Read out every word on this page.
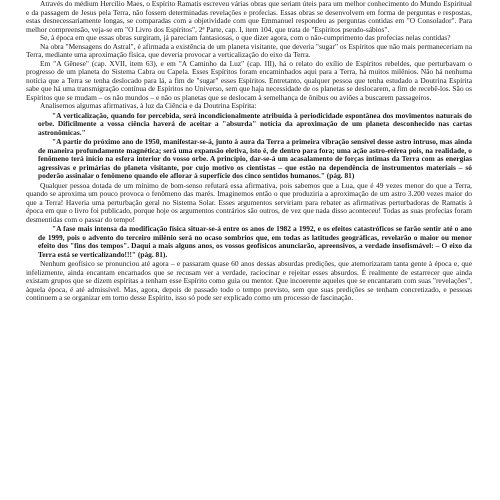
Através do médium Hercílio Maes, o Espírito Ramatís escreveu várias obras que seriam úteis para um melhor conhecimento do Mundo Espiritual e da passagem de Jesus pela Terra, não fossem determinadas revelações e profecias. Essas obras se desenvolvem em forma de perguntas e respostas, estas desnecessariamente longas, se comparadas com a objetividade com que Emmanuel respondeu as perguntas contidas em "O Consolador". Para melhor compreensão, veja-se em "O Livro dos Espíritos", 2ª Parte, cap. I, item 104, que trata de "Espíritos pseudo-sábios".

Se, à época em que essas obras surgiram, já pareciam fantasiosas, o que dizer agora, com o não-cumprimento das profecias nelas contidas?

Na obra "Mensagens do Astral", é afirmada a existência de um planeta visitante, que deveria "sugar" os Espíritos que não mais permaneceriam na Terra, mediante uma aproximação física, que deveria provocar a verticalização do eixo da Terra.

Em "A Gênese" (cap. XVII, item 63), e em "A Caminho da Luz" (cap. III), há o relato do exílio de Espíritos rebeldes, que perturbavam o progresso de um planeta do Sistema Cabra ou Capela. Esses Espíritos foram encaminhados aqui para a Terra, há muitos milênios. Não há nenhuma notícia que a Terra se tenha deslocado para lá, a fim de "sugar" esses Espíritos. Entretanto, qualquer pessoa que tenha estudado a Doutrina Espírita sabe que há uma transmigração contínua de Espíritos no Universo, sem que haja necessidade de os planetas se deslocarem, a fim de recebê-los. São os Espíritos que se mudam – os não mundos – e não os planetas que se deslocam à semelhança de ônibus ou aviões a buscarem passageiros.

Analisemos algumas afirmativas, à luz da Ciência e da Doutrina Espírita:

"A verticalização, quando for percebida, será incondicionalmente atribuída à periodicidade espontânea dos movimentos naturais do orbe. Dificilmente a vossa ciência haverá de aceitar a "absurda" notícia da aproximação de um planeta desconhecido nas cartas astronômicas."

"A partir do próximo ano de 1950, manifestar-se-á, junto à aura da Terra a primeira vibração sensível desse astro intruso, mas ainda de maneira profundamente magnética; será uma expansão eletiva, isto é, de dentro para fora; uma ação astro-etérea pois, na realidade, o fenômeno terá início na esfera interior do vosso orbe. A princípio, dar-se-á um acasalamento de forças íntimas da Terra com as energias agressivas e primárias do planeta visitante, por cujo motivo os cientistas – que estão na dependência de instrumentos materiais – só poderão assinalar o fenômeno quando ele aflorar à superfície dos cinco sentidos humanos." (pág. 81)

Qualquer pessoa dotada de um mínimo de bom-senso refutará essa afirmativa, pois sabemos que a Lua, que é 49 vezes menor do que a Terra, quando se aproxima um pouco provoca o fenômeno das marés. Imaginemos então o que produziria a aproximação de um astro 3.200 vezes maior do que a Terra! Haveria uma perturbação geral no Sistema Solar. Esses argumentos serviriam para rebater as afirmativas perturbadoras de Ramatís à época em que o livro foi publicado, porque hoje os argumentos contrários são outros, de vez que nada disso aconteceu! Todas as suas profecias foram desmentidas com o passar do tempo!

"A fase mais intensa da modificação física situar-se-á entre os anos de 1982 a 1992, e os efeitos catastróficos se farão sentir até o ano de 1999, pois o advento do terceiro milênio será no ocaso sombrios que, em todas as latitudes geográficas, revelarão o maior ou menor efeito dos "fins dos tempos". Daqui a mais alguns anos, os vossos geofísicos anunciarão, apreensivos, a verdade insofismável: – O eixo da Terra está se verticalizando!!!" (pág. 81).

Nenhum geofísico se pronunciou até agora – e passaram quase 60 anos dessas absurdas predições, que atemorizaram tanta gente à época e, que infelizmente, ainda encantam encarnados que se recusam ver a verdade, raciocinar e rejeitar esses absurdos. É realmente de estarrecer que ainda existam grupos que se dizem espíritas a tenham esse Espírito como guia ou mentor. Que incoerente aqueles que se encantaram com suas "revelações", àquela época, é até admissível. Mas, agora, depois de passado todo o tempo previsto, sem que suas predições se tenham concretizado, e pessoas continuem a se organizar em torno desse Espírito, isso só pode ser explicado como um processo de fascinação.
